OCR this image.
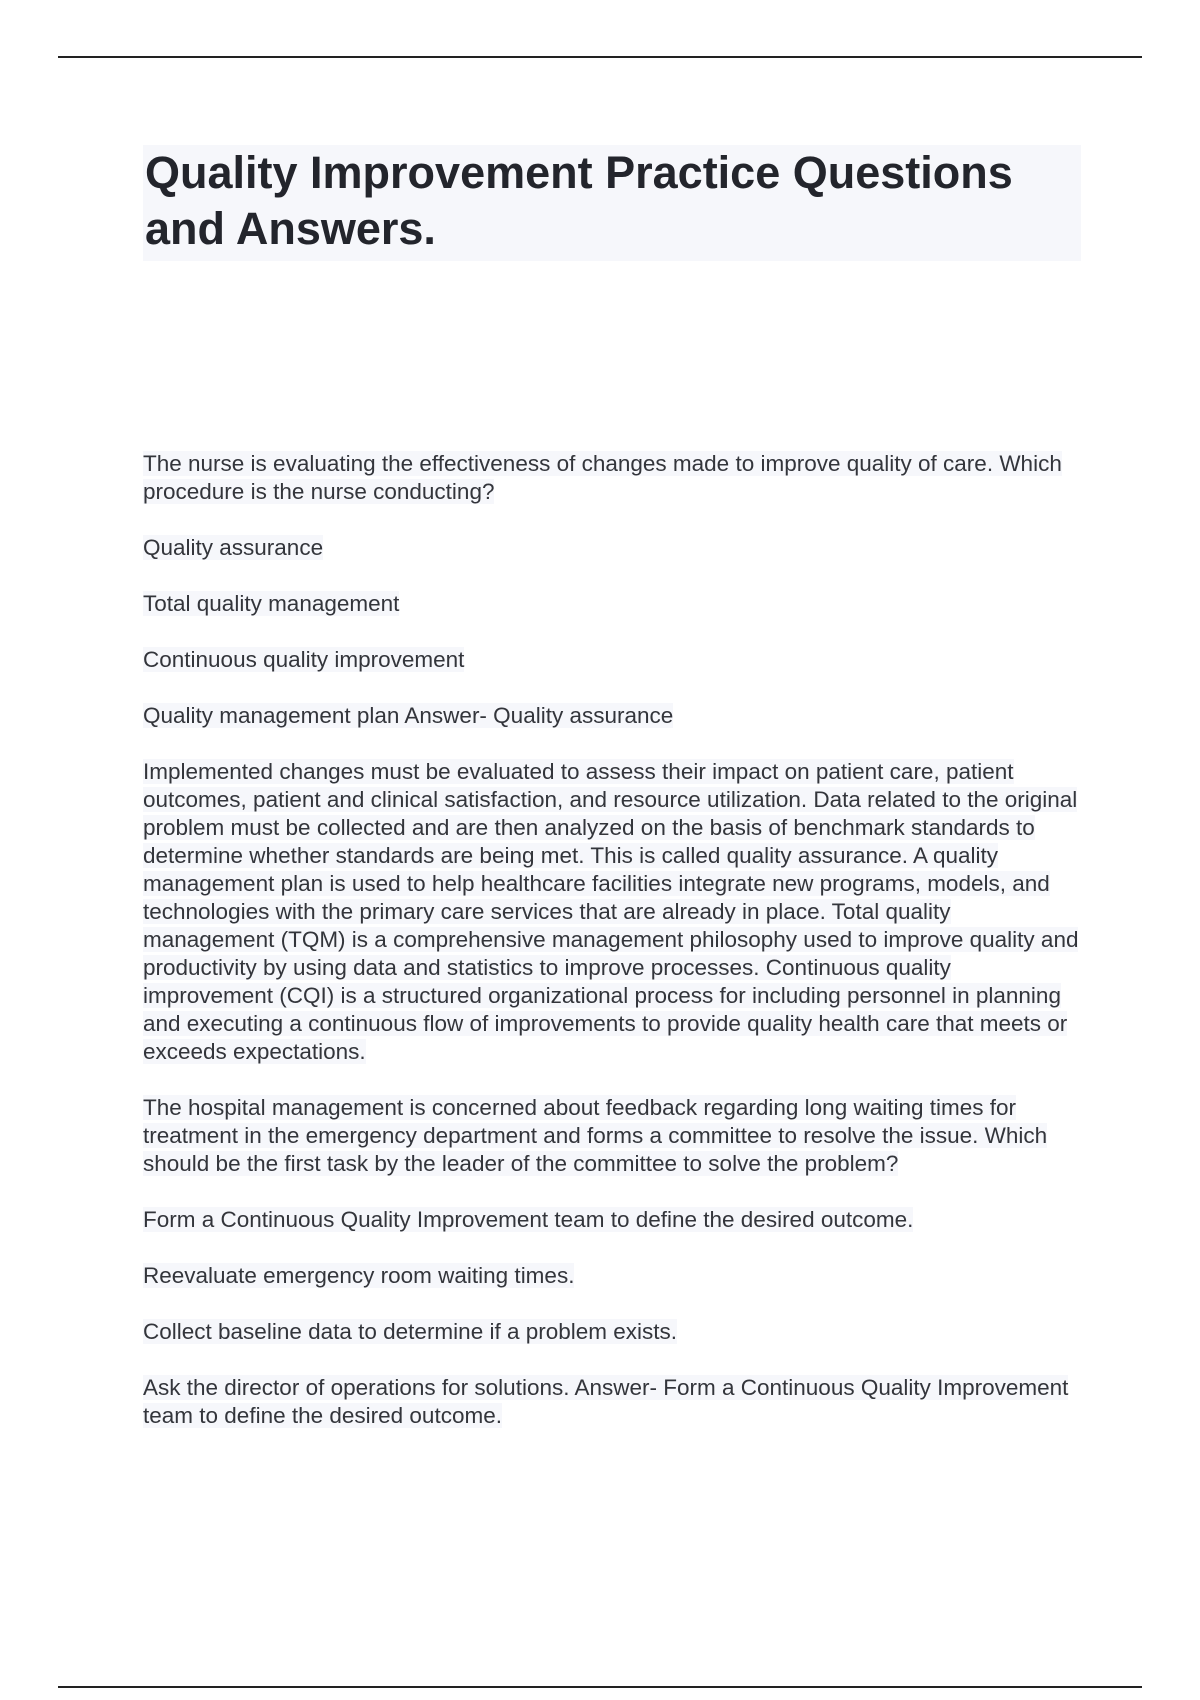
Quality Improvement Practice Questions and Answers.

The nurse is evaluating the effectiveness of changes made to improve quality of care. Which procedure is the nurse conducting?

Quality assurance

Total quality management

Continuous quality improvement

Quality management plan Answer- Quality assurance

Implemented changes must be evaluated to assess their impact on patient care, patient outcomes, patient and clinical satisfaction, and resource utilization. Data related to the original problem must be collected and are then analyzed on the basis of benchmark standards to determine whether standards are being met. This is called quality assurance. A quality management plan is used to help healthcare facilities integrate new programs, models, and technologies with the primary care services that are already in place. Total quality management (TQM) is a comprehensive management philosophy used to improve quality and productivity by using data and statistics to improve processes. Continuous quality improvement (CQI) is a structured organizational process for including personnel in planning and executing a continuous flow of improvements to provide quality health care that meets or exceeds expectations.

The hospital management is concerned about feedback regarding long waiting times for treatment in the emergency department and forms a committee to resolve the issue. Which should be the first task by the leader of the committee to solve the problem?

Form a Continuous Quality Improvement team to define the desired outcome.

Reevaluate emergency room waiting times.

Collect baseline data to determine if a problem exists.

Ask the director of operations for solutions. Answer- Form a Continuous Quality Improvement team to define the desired outcome.
